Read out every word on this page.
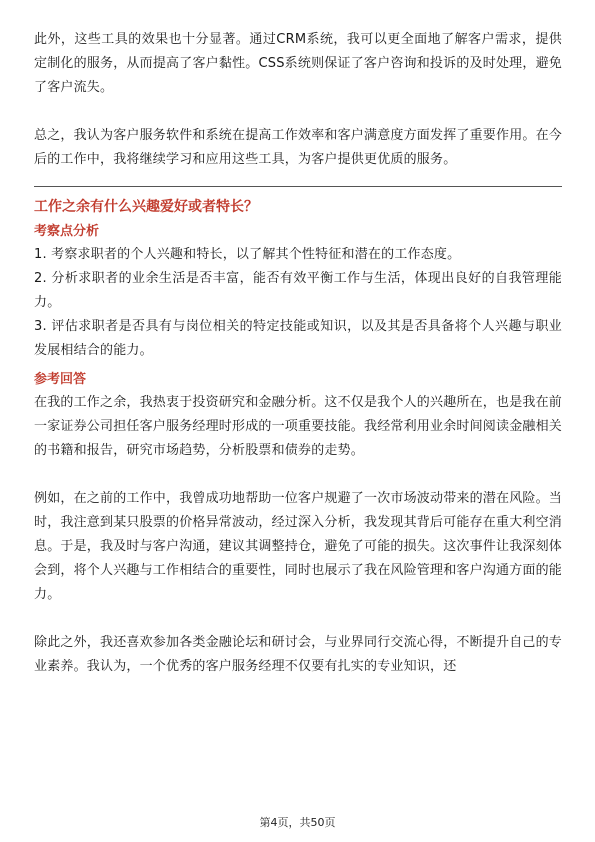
此外，这些工具的效果也十分显著。通过CRM系统，我可以更全面地了解客户需求，提供定制化的服务，从而提高了客户黏性。CSS系统则保证了客户咨询和投诉的及时处理，避免了客户流失。

总之，我认为客户服务软件和系统在提高工作效率和客户满意度方面发挥了重要作用。在今后的工作中，我将继续学习和应用这些工具，为客户提供更优质的服务。

工作之余有什么兴趣爱好或者特长？
考察点分析

1. 考察求职者的个人兴趣和特长，以了解其个性特征和潜在的工作态度。

2. 分析求职者的业余生活是否丰富，能否有效平衡工作与生活，体现出良好的自我管理能力。

3. 评估求职者是否具有与岗位相关的特定技能或知识，以及其是否具备将个人兴趣与职业发展相结合的能力。

参考回答

在我的工作之余，我热衷于投资研究和金融分析。这不仅是我个人的兴趣所在，也是我在前一家证券公司担任客户服务经理时形成的一项重要技能。我经常利用业余时间阅读金融相关的书籍和报告，研究市场趋势，分析股票和债券的走势。

例如，在之前的工作中，我曾成功地帮助一位客户规避了一次市场波动带来的潜在风险。当时，我注意到某只股票的价格异常波动，经过深入分析，我发现其背后可能存在重大利空消息。于是，我及时与客户沟通，建议其调整持仓，避免了可能的损失。这次事件让我深刻体会到，将个人兴趣与工作相结合的重要性，同时也展示了我在风险管理和客户沟通方面的能力。

除此之外，我还喜欢参加各类金融论坛和研讨会，与业界同行交流心得，不断提升自己的专业素养。我认为，一个优秀的客户服务经理不仅要有扎实的专业知识，还

第4页，共50页
